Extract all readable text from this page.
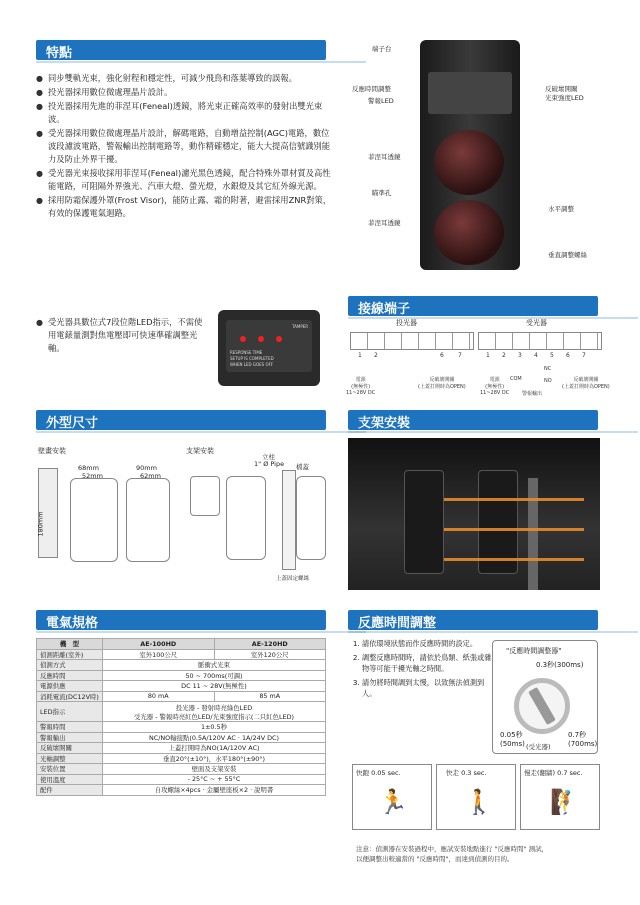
特點
● 同步雙軌光束，強化射程和穩定性，可減少飛鳥和落葉導致的誤報。
● 投光器採用數位微處理晶片設計。
● 投光器採用先進的菲涅耳(Feneal)透鏡，將光束正確高效率的發射出雙光束波。
● 受光器採用數位微處理晶片設計，解碼電路，自動增益控制(AGC)電路，數位波段濾波電路，警報輸出控制電路等，動作精確穩定，能大大提高信號識別能力及防止外界干擾。
● 受光器光束接收採用菲涅耳(Feneal)濾光黑色透鏡，配合特殊外罩材質及高性能電路，可阻隔外界強光、汽車大燈、螢光燈，水銀燈及其它紅外線光源。
● 採用防霜保護外罩(Frost Visor)，能防止露、霜的附著，避雷採用ZNR對策，有效的保護電氣迴路。
端子台
反應時間調整
警報LED
反破壞開關
光束強度LED
菲涅耳透鏡
瞄準孔
菲涅耳透鏡
水平調整
垂直調整螺絲
● 受光器具數位式7段位階LED指示，不需使用電錶量測對焦電壓即可快速準確調整光軸。	RESPONSE TIME
SETUP IS COMPLETED
WHEN LED GOES OFF
TAMPER
接線端子
投光器	受光器
1 2	6 7	1 2 3 4 5 6 7
COM
NC
NO
電源
(無極性)
11~28V DC
反破壞開關
(上蓋打開時為OPEN)
電源
(無極性)
11~28V DC	警報輸出
反破壞開關
(上蓋打開時為OPEN)
外型尺寸
壁畫安裝	支架安裝
68mm
52mm
90mm
62mm
180mm
立柱
1" Ø Pipe 檔蓋
上蓋固定螺絲
支架安裝
電氣規格
機　型	AE-100HD	AE-120HD
偵測距離(室外)	室外100公尺	室外120公尺
偵測方式	脈衝式光束	
反應時間	50 ~ 700ms(可調)	
電源供應	DC 11 ~ 28V(無極性)	
消耗電流(DC12V時)	80 mA	85 mA
LED指示	投光器 - 發射時亮綠色LED
受光器 - 警報時亮紅色LED/光束強度指示(二只紅色LED)	
警報時間	1±0.5秒	
警報輸出	NC/NO輸接點(0.5A/120V AC · 1A/24V DC)	
反破壞開關	上蓋打開時為NO(1A/120V AC)	
光軸調整	垂直20°(±10°)，水平180°(±90°)	
安裝位置	壁面及支架安裝	
使用溫度	- 25°C ~ + 55°C	
配件	自攻螺絲×4pcs · 金屬壁座板×2 · 說明書	
反應時間調整
1. 請依環境狀態而作反應時間的設定。
2. 調整反應時間時，請依於鳥類、紙張或雜物等可能干擾光軸之時間。
3. 請勿將時間調到太慢，以致無法偵測到人。
"反應時間調整器"
0.3秒(300ms)
0.05秒
(50ms)
0.7秒
(700ms)
(受光器)
快跑 0.05 sec.	快走 0.3 sec.	慢走(翻牆) 0.7 sec.
🏃 🚶 🧗
注意：偵測器在安裝過程中，應試安裝地點進行 "反應時間" 測試，
以便調整出較適當的 "反應時間"，而達到偵測的目的。
